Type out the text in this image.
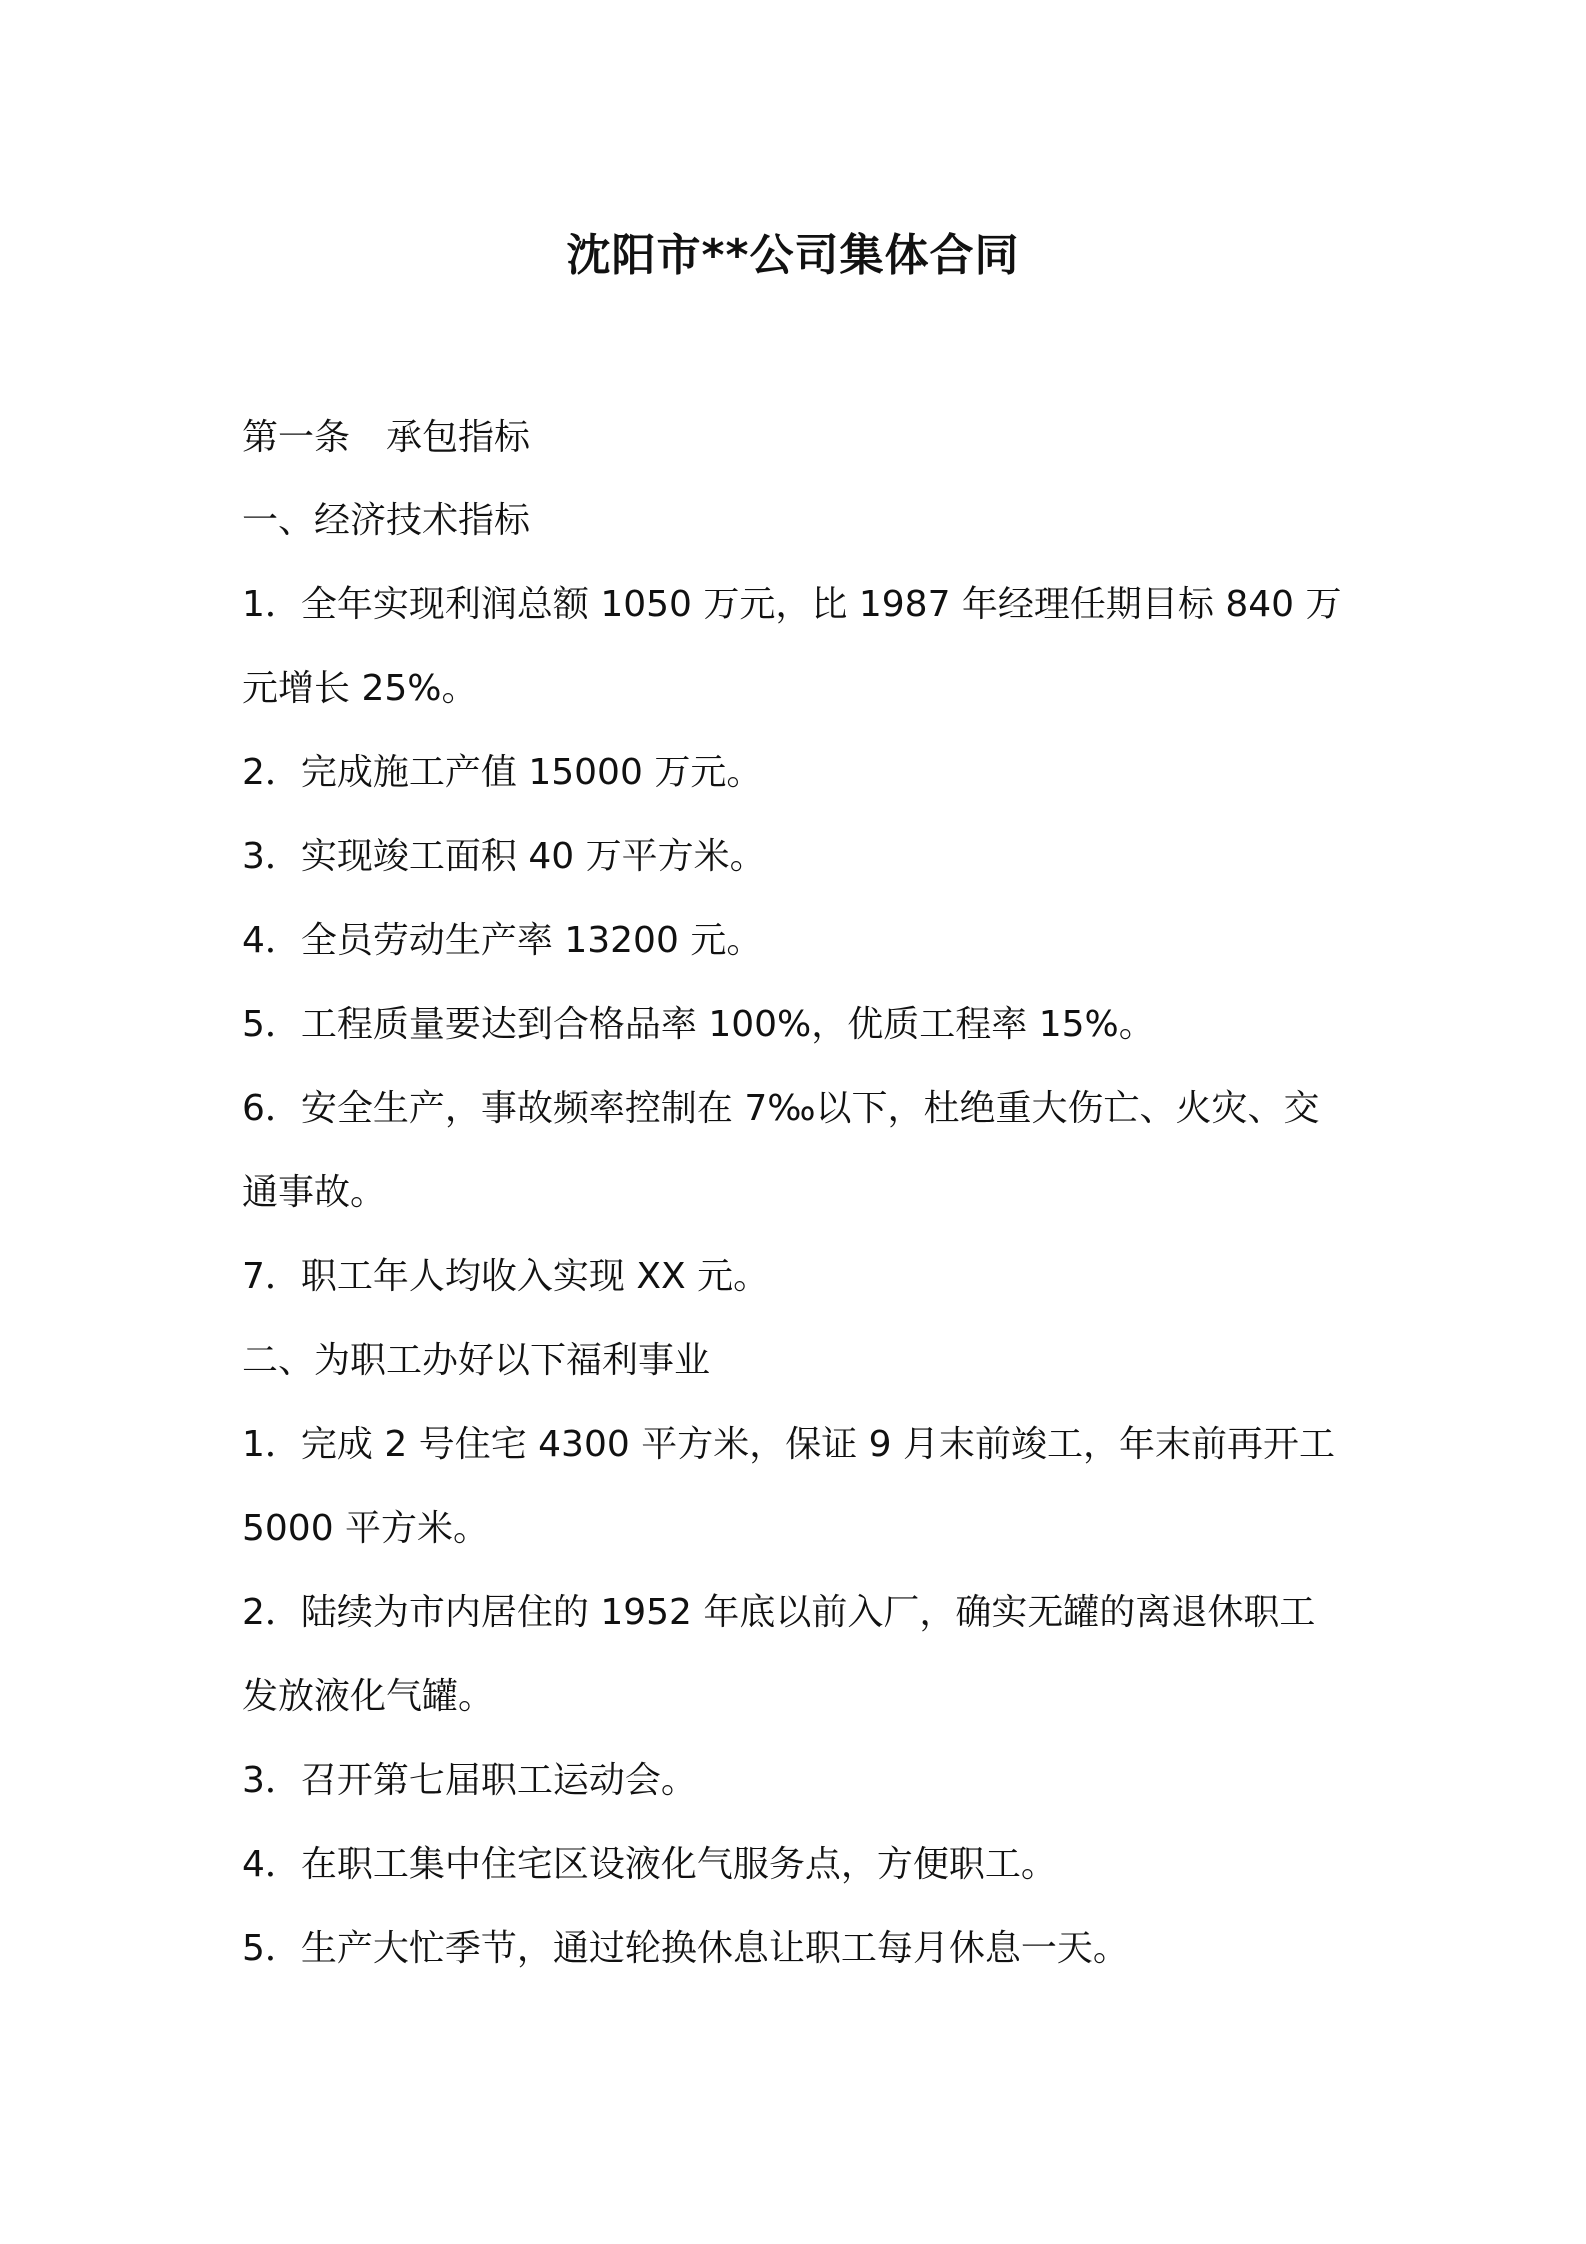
沈阳市**公司集体合同
第一条　承包指标
一、经济技术指标
1．全年实现利润总额 1050 万元，比 1987 年经理任期目标 840 万
元增长 25%。
2．完成施工产值 15000 万元。
3．实现竣工面积 40 万平方米。
4．全员劳动生产率 13200 元。
5．工程质量要达到合格品率 100%，优质工程率 15%。
6．安全生产，事故频率控制在 7‰以下，杜绝重大伤亡、火灾、交
通事故。
7．职工年人均收入实现 XX 元。
二、为职工办好以下福利事业
1．完成 2 号住宅 4300 平方米，保证 9 月末前竣工，年末前再开工
5000 平方米。
2．陆续为市内居住的 1952 年底以前入厂，确实无罐的离退休职工
发放液化气罐。
3．召开第七届职工运动会。
4．在职工集中住宅区设液化气服务点，方便职工。
5．生产大忙季节，通过轮换休息让职工每月休息一天。
